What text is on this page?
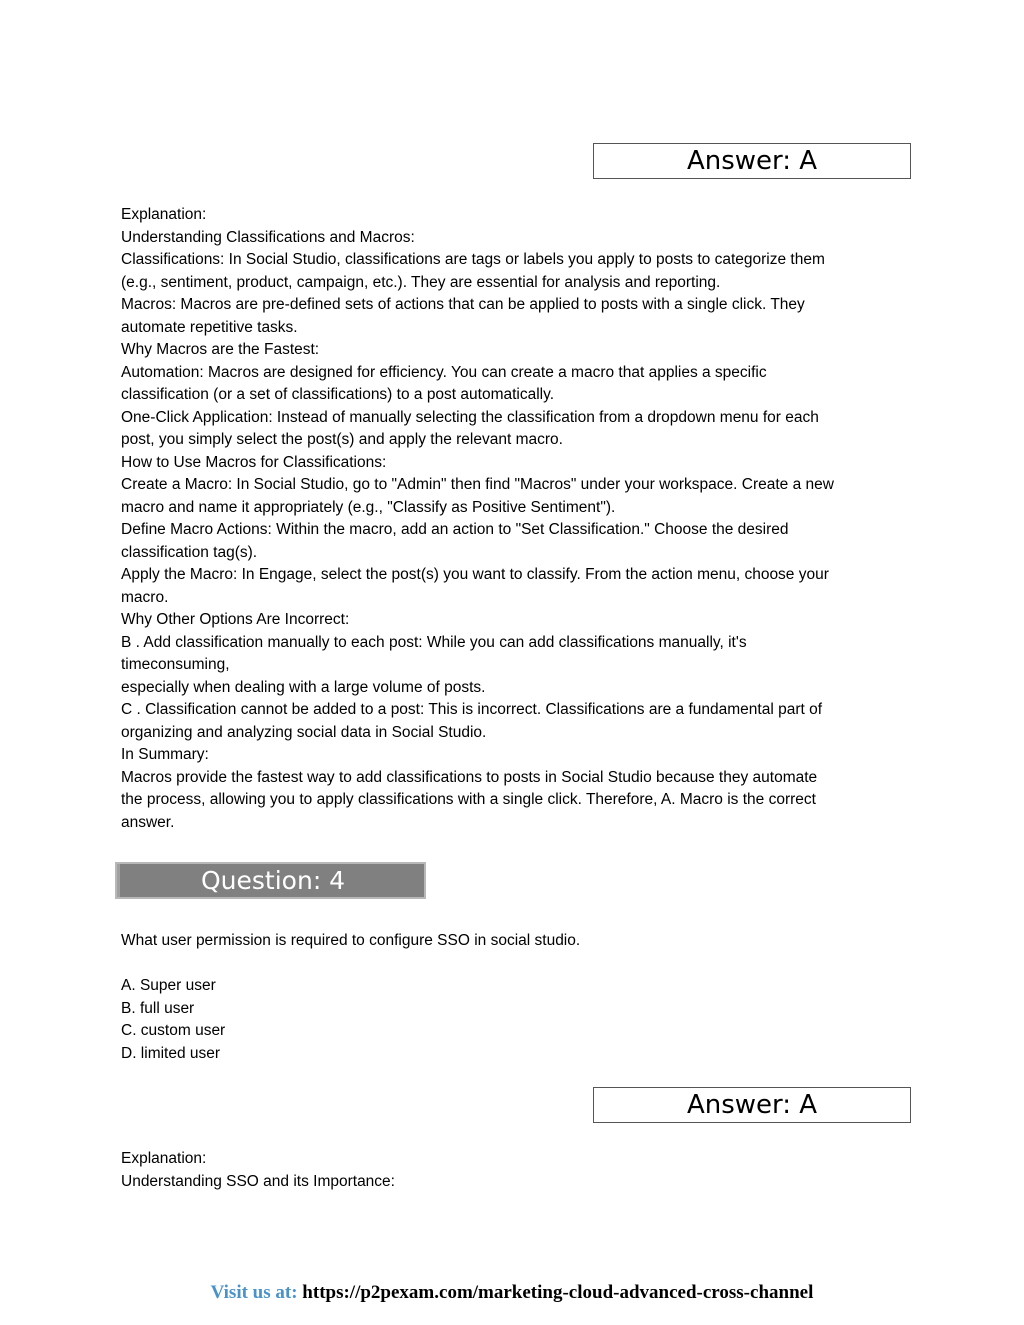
Answer: A
Explanation:
Understanding Classifications and Macros:
Classifications: In Social Studio, classifications are tags or labels you apply to posts to categorize them
(e.g., sentiment, product, campaign, etc.). They are essential for analysis and reporting.
Macros: Macros are pre-defined sets of actions that can be applied to posts with a single click. They
automate repetitive tasks.
Why Macros are the Fastest:
Automation: Macros are designed for efficiency. You can create a macro that applies a specific
classification (or a set of classifications) to a post automatically.
One-Click Application: Instead of manually selecting the classification from a dropdown menu for each
post, you simply select the post(s) and apply the relevant macro.
How to Use Macros for Classifications:
Create a Macro: In Social Studio, go to "Admin" then find "Macros" under your workspace. Create a new
macro and name it appropriately (e.g., "Classify as Positive Sentiment").
Define Macro Actions: Within the macro, add an action to "Set Classification." Choose the desired
classification tag(s).
Apply the Macro: In Engage, select the post(s) you want to classify. From the action menu, choose your
macro.
Why Other Options Are Incorrect:
B . Add classification manually to each post: While you can add classifications manually, it's
timeconsuming,
especially when dealing with a large volume of posts.
C . Classification cannot be added to a post: This is incorrect. Classifications are a fundamental part of
organizing and analyzing social data in Social Studio.
In Summary:
Macros provide the fastest way to add classifications to posts in Social Studio because they automate
the process, allowing you to apply classifications with a single click. Therefore, A. Macro is the correct
answer.
Question: 4
What user permission is required to configure SSO in social studio.
A. Super user
B. full user
C. custom user
D. limited user
Answer: A
Explanation:
Understanding SSO and its Importance:
Visit us at: https://p2pexam.com/marketing-cloud-advanced-cross-channel
